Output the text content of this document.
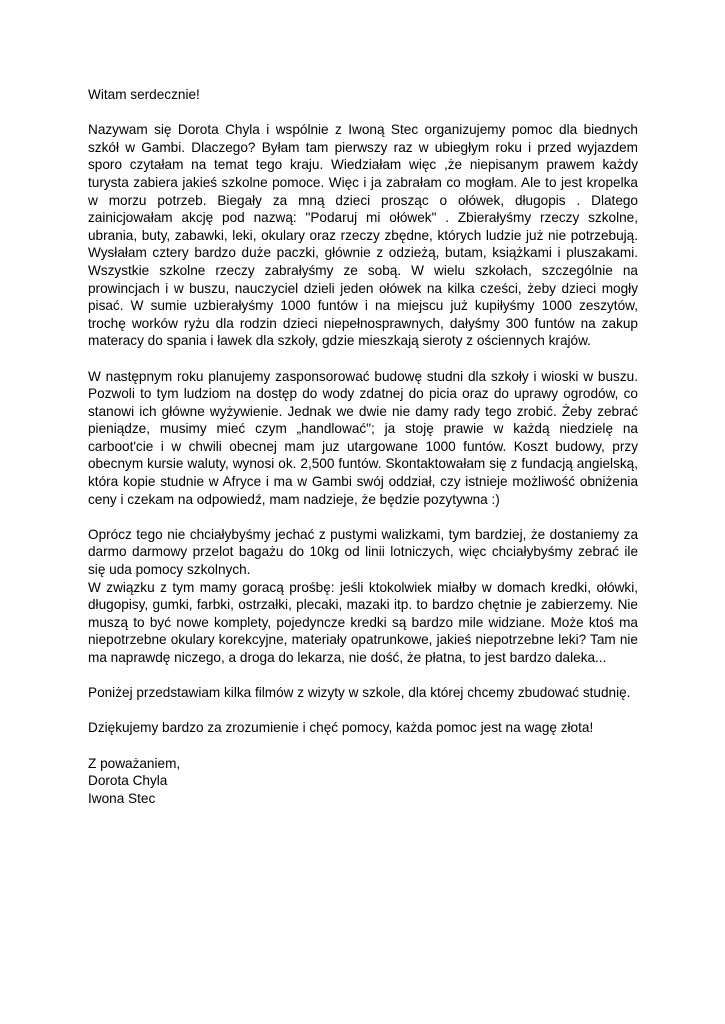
Witam serdecznie!

Nazywam się Dorota Chyla i wspólnie z Iwoną Stec organizujemy pomoc dla biednych szkół w Gambi. Dlaczego? Byłam tam pierwszy raz w ubiegłym roku i przed wyjazdem sporo czytałam na temat tego kraju. Wiedziałam więc ,że niepisanym prawem każdy turysta zabiera jakieś szkolne pomoce. Więc i ja zabrałam co mogłam. Ale to jest kropelka w morzu potrzeb. Biegały za mną dzieci prosząc o ołówek, długopis . Dlatego zainicjowałam akcję pod nazwą: "Podaruj mi ołówek" . Zbierałyśmy rzeczy szkolne, ubrania, buty, zabawki, leki, okulary oraz rzeczy zbędne, których ludzie już nie potrzebują. Wysłałam cztery bardzo duże paczki, głównie z odzieżą, butam, książkami i pluszakami. Wszystkie szkolne rzeczy zabrałyśmy ze sobą. W wielu szkołach, szczególnie na prowincjach i w buszu, nauczyciel dzieli jeden ołówek na kilka cześci, żeby dzieci mogły pisać. W sumie uzbierałyśmy 1000 funtów i na miejscu już kupiłyśmy 1000 zeszytów, trochę worków ryżu dla rodzin dzieci niepełnosprawnych, dałyśmy 300 funtów na zakup materacy do spania i ławek dla szkoły, gdzie mieszkają sieroty z ościennych krajów.

W następnym roku planujemy zasponsorować budowę studni dla szkoły i wioski w buszu. Pozwoli to tym ludziom na dostęp do wody zdatnej do picia oraz do uprawy ogrodów, co stanowi ich główne wyżywienie. Jednak we dwie nie damy rady tego zrobić. Żeby zebrać pieniądze, musimy mieć czym „handlować"; ja stoję prawie w każdą niedzielę na carboot'cie i w chwili obecnej mam juz utargowane 1000 funtów. Koszt budowy, przy obecnym kursie waluty, wynosi ok. 2,500 funtów. Skontaktowałam się z fundacją angielską, która kopie studnie w Afryce i ma w Gambi swój oddział, czy istnieje możliwość obniżenia ceny i czekam na odpowiedź, mam nadzieje, że będzie pozytywna :)

Oprócz tego nie chciałybyśmy jechać z pustymi walizkami, tym bardziej, że dostaniemy za darmo darmowy przelot bagażu do 10kg od linii lotniczych, więc chciałybyśmy zebrać ile się uda pomocy szkolnych.

W związku z tym mamy goracą prośbę: jeśli ktokolwiek miałby w domach kredki, ołówki, długopisy, gumki, farbki, ostrzałki, plecaki, mazaki itp. to bardzo chętnie je zabierzemy. Nie muszą to być nowe komplety, pojedyncze kredki są bardzo mile widziane. Może ktoś ma niepotrzebne okulary korekcyjne, materiały opatrunkowe, jakieś niepotrzebne leki? Tam nie ma naprawdę niczego, a droga do lekarza, nie dość, że płatna, to jest bardzo daleka...

Poniżej przedstawiam kilka filmów z wizyty w szkole, dla której chcemy zbudować studnię.

Dziękujemy bardzo za zrozumienie i chęć pomocy, każda pomoc jest na wagę złota!

Z poważaniem,
Dorota Chyla
Iwona Stec
